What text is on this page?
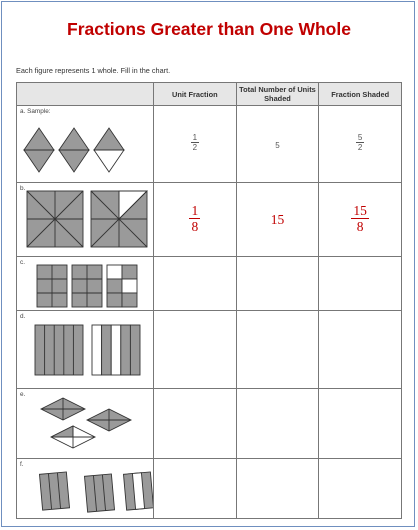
Fractions Greater than One Whole
Each figure represents 1 whole. Fill in the chart.
	Unit Fraction	Total Number of Units Shaded	Fraction Shaded

a. Sample:	$\frac{1}{2}$	5	$\frac{5}{2}$

b.	$\frac{1}{8}$	15	$\frac{15}{8}$

c.			

d.			

e.			

f.			
